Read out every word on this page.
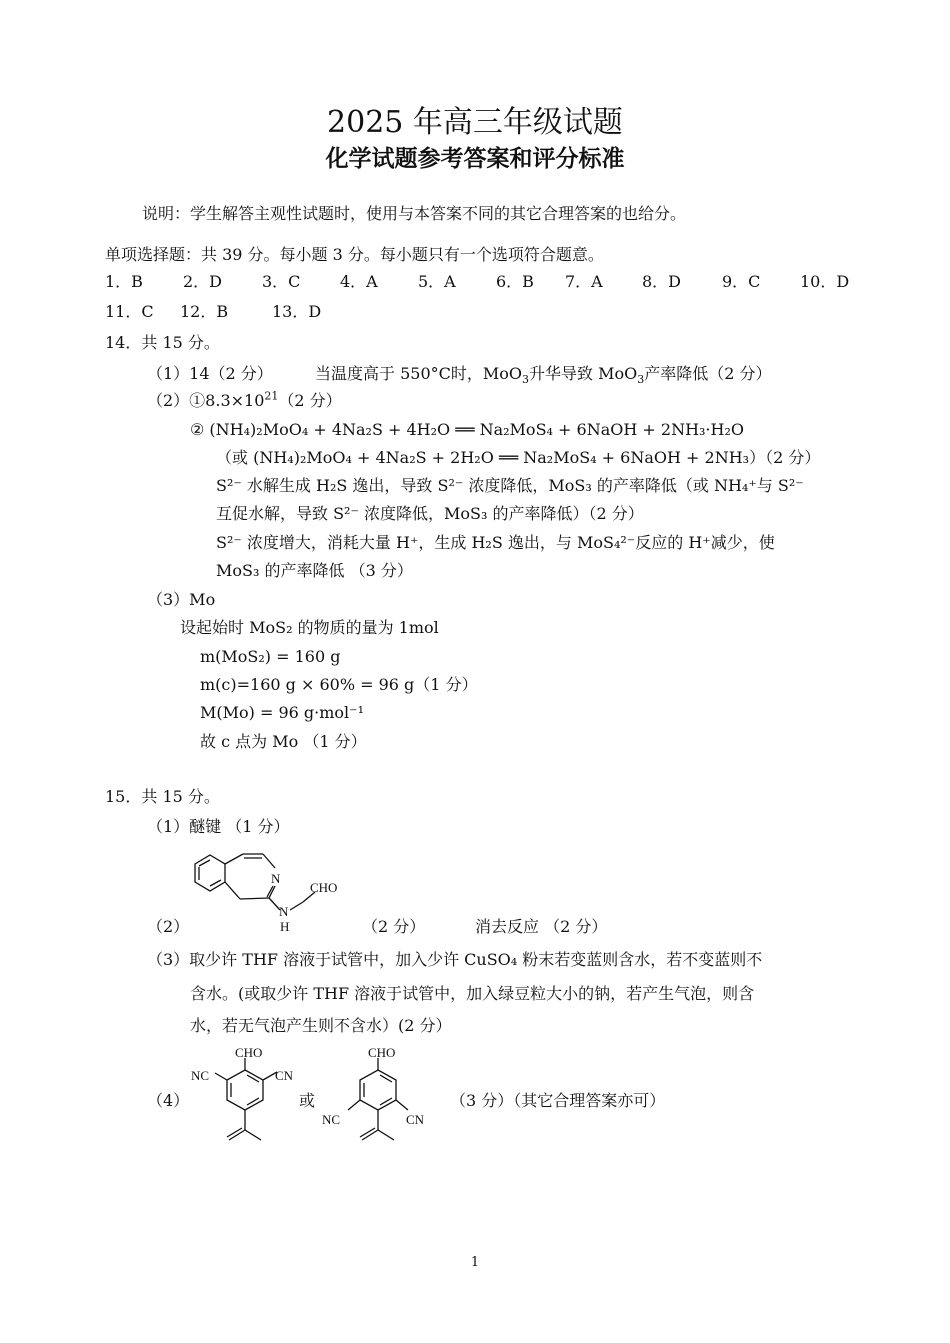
2025 年高三年级试题
化学试题参考答案和评分标准
说明：学生解答主观性试题时，使用与本答案不同的其它合理答案的也给分。
单项选择题：共 39 分。每小题 3 分。每小题只有一个选项符合题意。
1．B	2．D 3．C 4．A	5．A	6．B 7．A 8．D	9．C 10．D
11．C 12．B	13．D
14．共 15 分。
（1）14（2 分）	当温度高于 550°C时，MoO$_3$升华导致 MoO$_3$产率降低（2 分）
$(2)①8.3\times 10^{21}(2$ 分）
② (NH₄)₂MoO₄ + 4Na₂S + 4H₂O ══ Na₂MoS₄ + 6NaOH + 2NH₃·H₂O
（或 (NH₄)₂MoO₄ + 4Na₂S + 2H₂O ══ Na₂MoS₄ + 6NaOH + 2NH₃）（2 分）
S²⁻ 水解生成 H₂S 逸出，导致 S²⁻ 浓度降低，MoS₃ 的产率降低（或 NH₄⁺与 S²⁻
互促水解，导致 S²⁻ 浓度降低，MoS₃ 的产率降低）（2 分）
S²⁻ 浓度增大，消耗大量 H⁺，生成 H₂S 逸出，与 MoS₄²⁻反应的 H⁺减少，使
MoS₃ 的产率降低 （3 分）
（3）Mo
设起始时 MoS₂ 的物质的量为 1mol
m(MoS₂) = 160 g
m(c)=160 g × 60% = 96 g（1 分）
M(Mo) = 96 g·mol⁻¹
故 c 点为 Mo （1 分）
15．共 15 分。
（1）醚键 （1 分）
N
N
H
CHO
（2）	（2 分）	消去反应 （2 分）
（3）取少许 THF 溶液于试管中，加入少许 CuSO₄ 粉末若变蓝则含水，若不变蓝则不
含水。(或取少许 THF 溶液于试管中，加入绿豆粒大小的钠，若产生气泡，则含
水，若无气泡产生则不含水）(2 分）
CHO
NC	CN
（4）	或
CHO
NC	CN
（3 分）（其它合理答案亦可）
1
